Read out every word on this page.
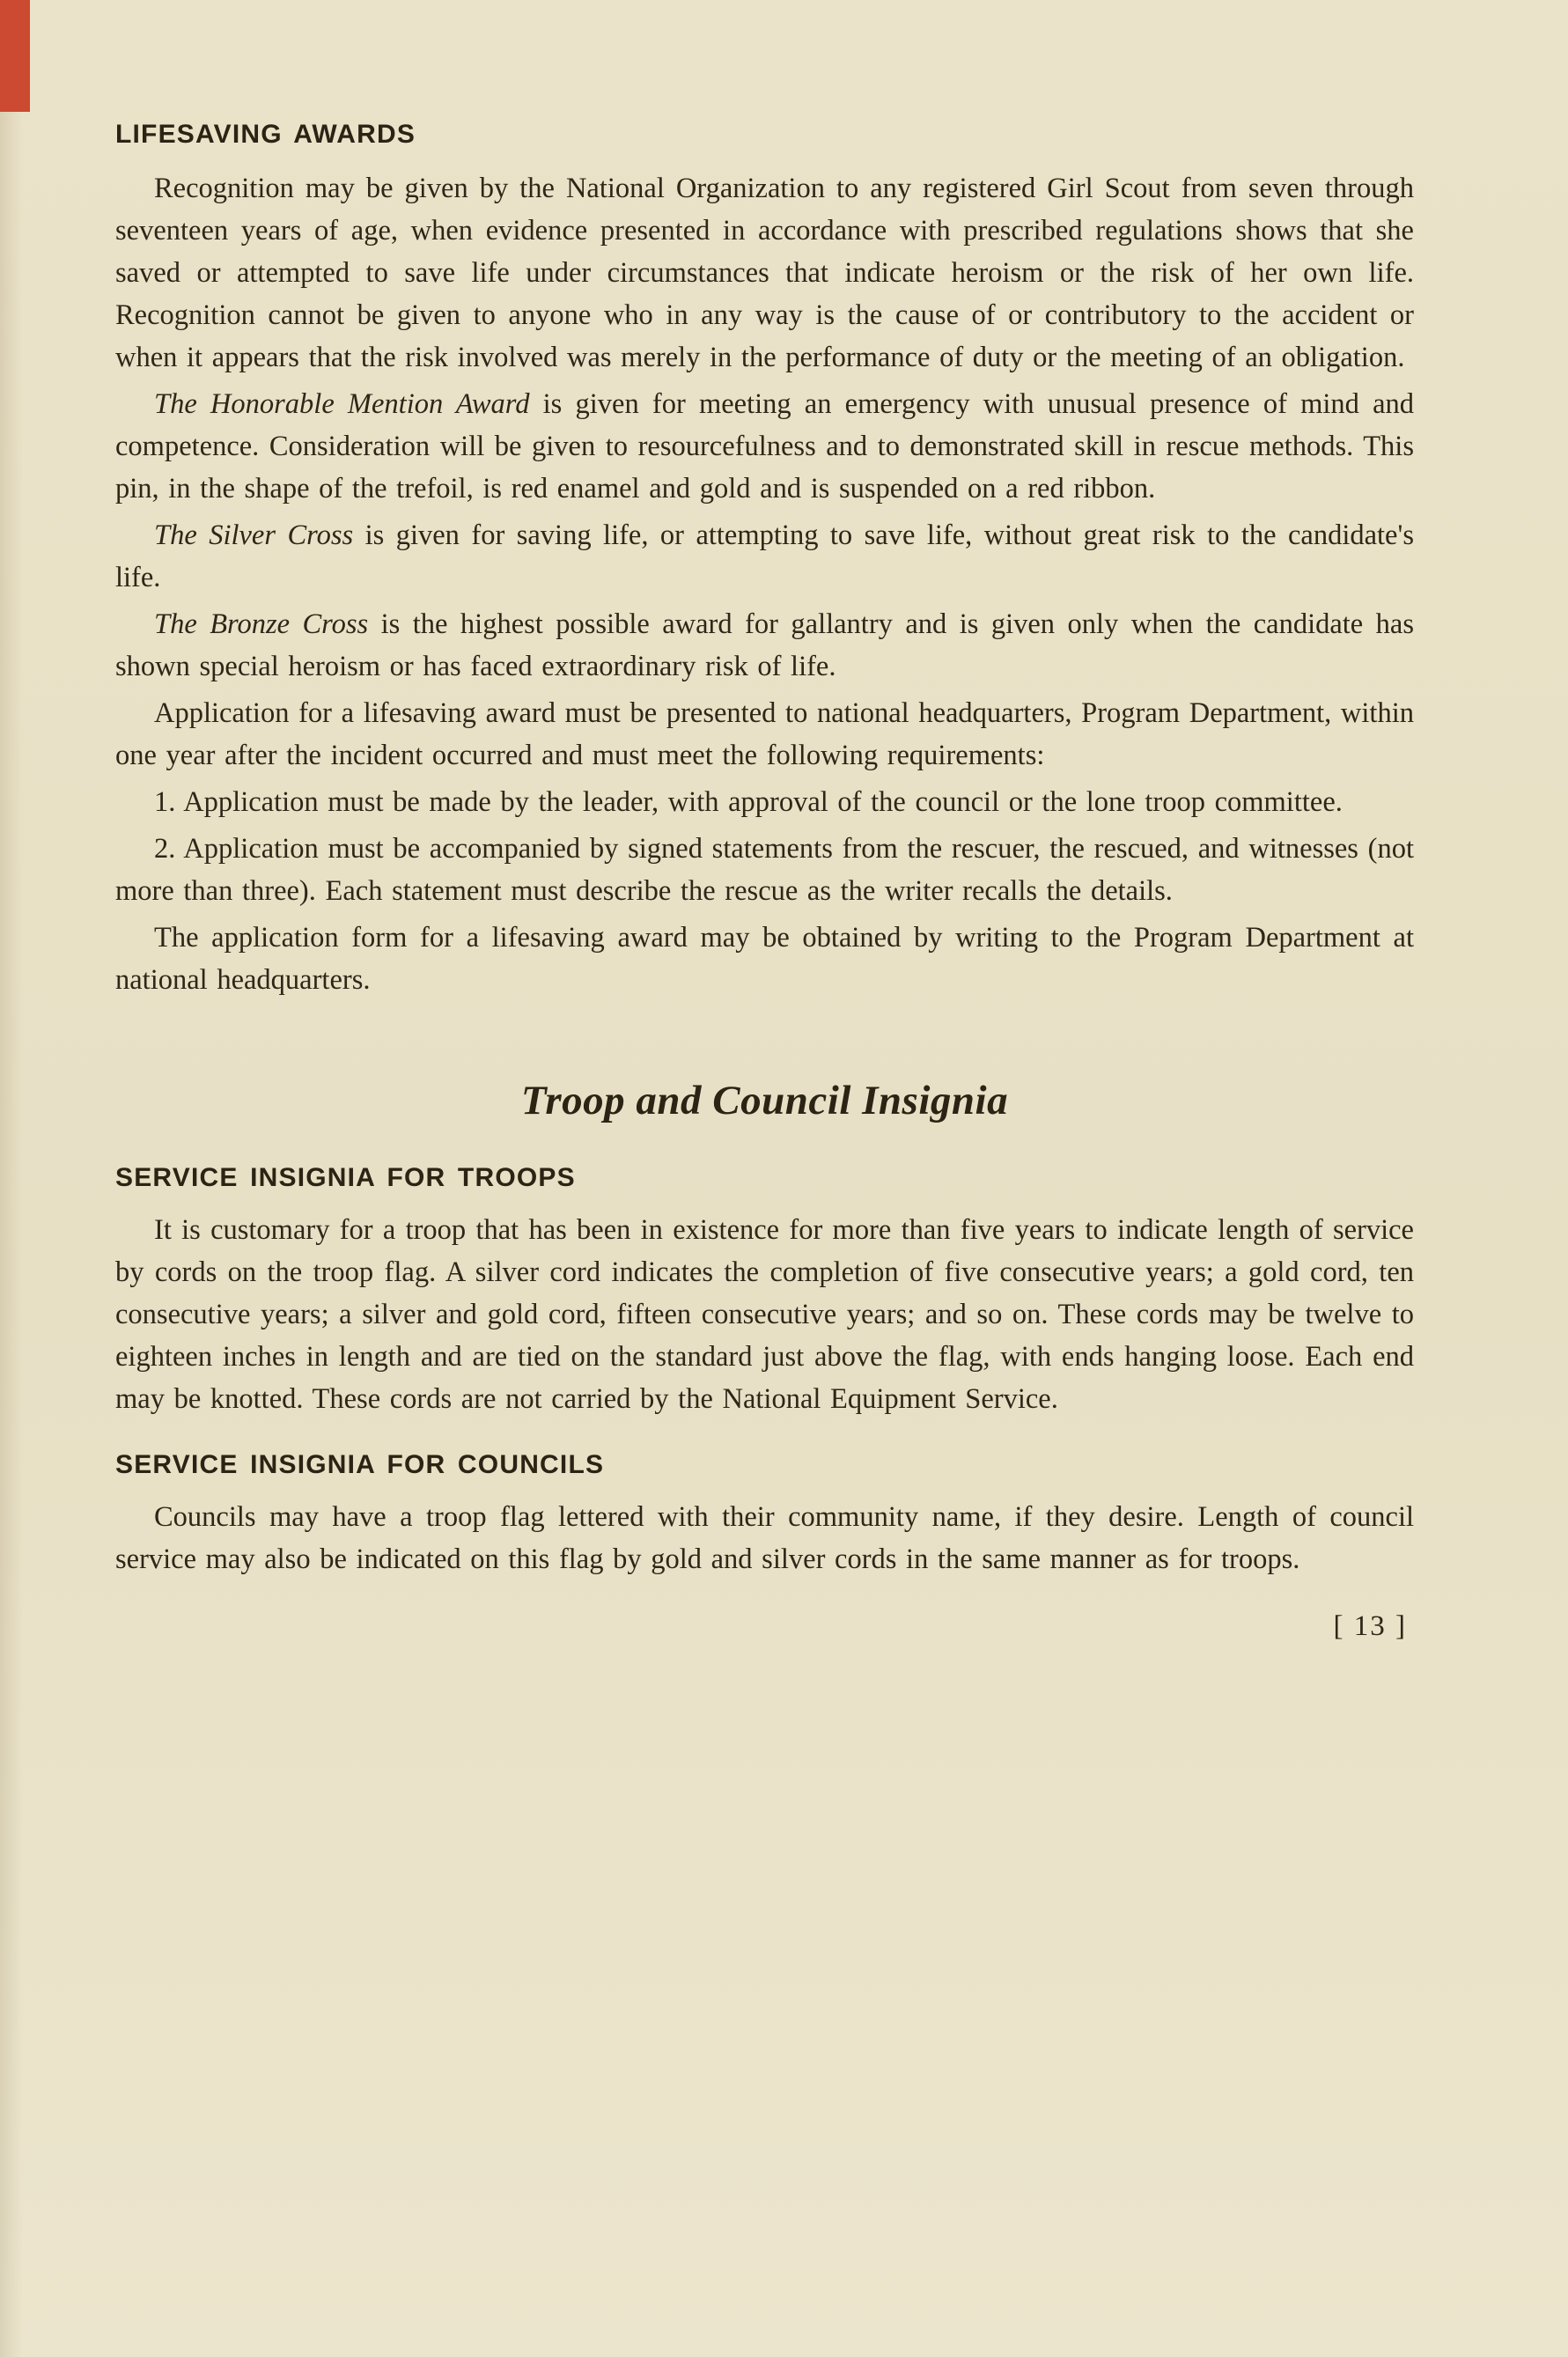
LIFESAVING AWARDS

Recognition may be given by the National Organization to any registered Girl Scout from seven through seventeen years of age, when evidence presented in accordance with prescribed regulations shows that she saved or attempted to save life under circumstances that indicate heroism or the risk of her own life. Recognition cannot be given to anyone who in any way is the cause of or contributory to the accident or when it appears that the risk involved was merely in the performance of duty or the meeting of an obligation.

The Honorable Mention Award is given for meeting an emergency with unusual presence of mind and competence. Consideration will be given to resourcefulness and to demonstrated skill in rescue methods. This pin, in the shape of the trefoil, is red enamel and gold and is suspended on a red ribbon.

The Silver Cross is given for saving life, or attempting to save life, without great risk to the candidate's life.

The Bronze Cross is the highest possible award for gallantry and is given only when the candidate has shown special heroism or has faced extraordinary risk of life.

Application for a lifesaving award must be presented to national headquarters, Program Department, within one year after the incident occurred and must meet the following requirements:

1. Application must be made by the leader, with approval of the council or the lone troop committee.

2. Application must be accompanied by signed statements from the rescuer, the rescued, and witnesses (not more than three). Each statement must describe the rescue as the writer recalls the details.

The application form for a lifesaving award may be obtained by writing to the Program Department at national headquarters.

Troop and Council Insignia
SERVICE INSIGNIA FOR TROOPS

It is customary for a troop that has been in existence for more than five years to indicate length of service by cords on the troop flag. A silver cord indicates the completion of five consecutive years; a gold cord, ten consecutive years; a silver and gold cord, fifteen consecutive years; and so on. These cords may be twelve to eighteen inches in length and are tied on the standard just above the flag, with ends hanging loose. Each end may be knotted. These cords are not carried by the National Equipment Service.

SERVICE INSIGNIA FOR COUNCILS

Councils may have a troop flag lettered with their community name, if they desire. Length of council service may also be indicated on this flag by gold and silver cords in the same manner as for troops.

[ 13 ]
